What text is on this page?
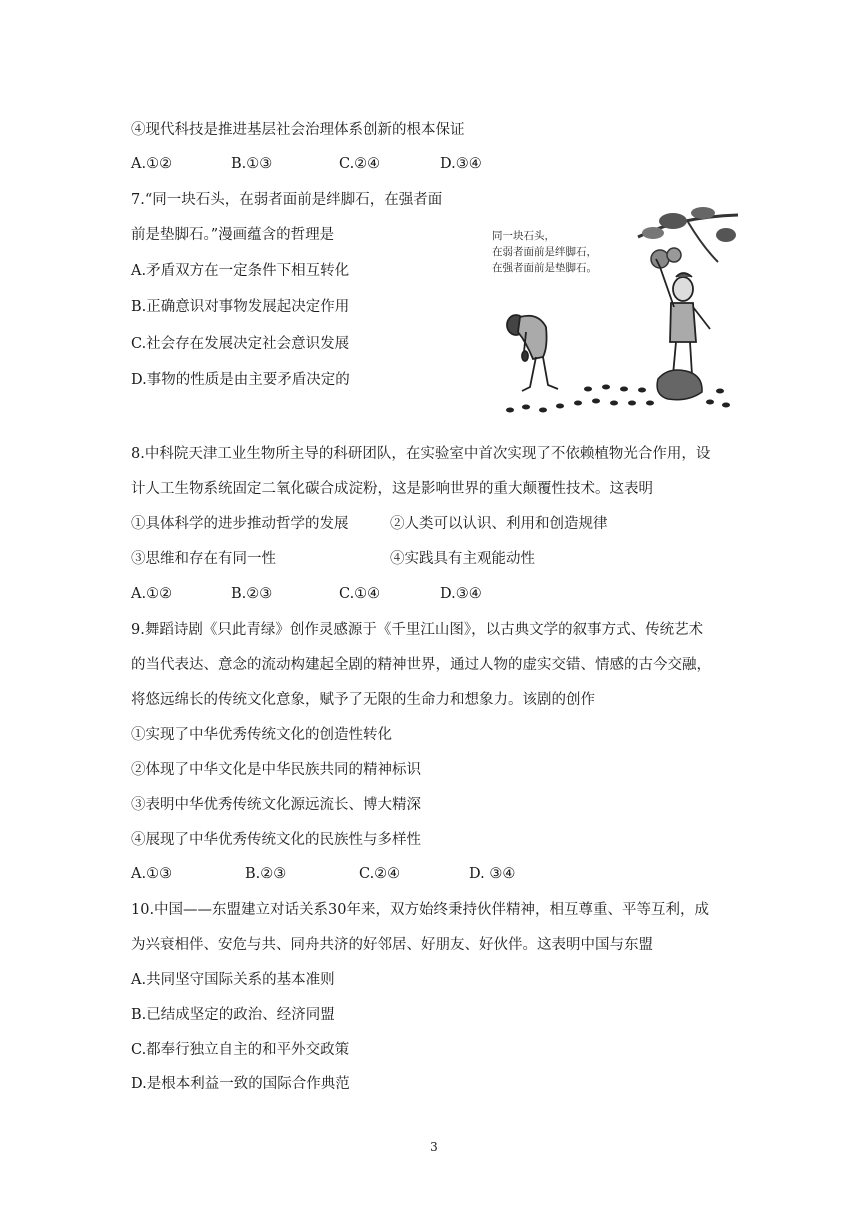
④现代科技是推进基层社会治理体系创新的根本保证
A.①②	B.①③	C.②④	D.③④
7.“同一块石头，在弱者面前是绊脚石，在强者面
前是垫脚石。”漫画蕴含的哲理是
A.矛盾双方在一定条件下相互转化
B.正确意识对事物发展起决定作用
C.社会存在发展决定社会意识发展
D.事物的性质是由主要矛盾决定的
同一块石头，
在弱者面前是绊脚石，
在强者面前是垫脚石。
8.中科院天津工业生物所主导的科研团队，在实验室中首次实现了不依赖植物光合作用，设
计人工生物系统固定二氧化碳合成淀粉，这是影响世界的重大颠覆性技术。这表明
①具体科学的进步推动哲学的发展	②人类可以认识、利用和创造规律
③思维和存在有同一性	④实践具有主观能动性
A.①②	B.②③	C.①④	D.③④
9.舞蹈诗剧《只此青绿》创作灵感源于《千里江山图》，以古典文学的叙事方式、传统艺术
的当代表达、意念的流动构建起全剧的精神世界，通过人物的虚实交错、情感的古今交融，
将悠远绵长的传统文化意象，赋予了无限的生命力和想象力。该剧的创作
①实现了中华优秀传统文化的创造性转化
②体现了中华文化是中华民族共同的精神标识
③表明中华优秀传统文化源远流长、博大精深
④展现了中华优秀传统文化的民族性与多样性
A.①③	B.②③	C.②④	D. ③④
10.中国——东盟建立对话关系30年来，双方始终秉持伙伴精神，相互尊重、平等互利，成
为兴衰相伴、安危与共、同舟共济的好邻居、好朋友、好伙伴。这表明中国与东盟
A.共同坚守国际关系的基本准则
B.已结成坚定的政治、经济同盟
C.都奉行独立自主的和平外交政策
D.是根本利益一致的国际合作典范
3
